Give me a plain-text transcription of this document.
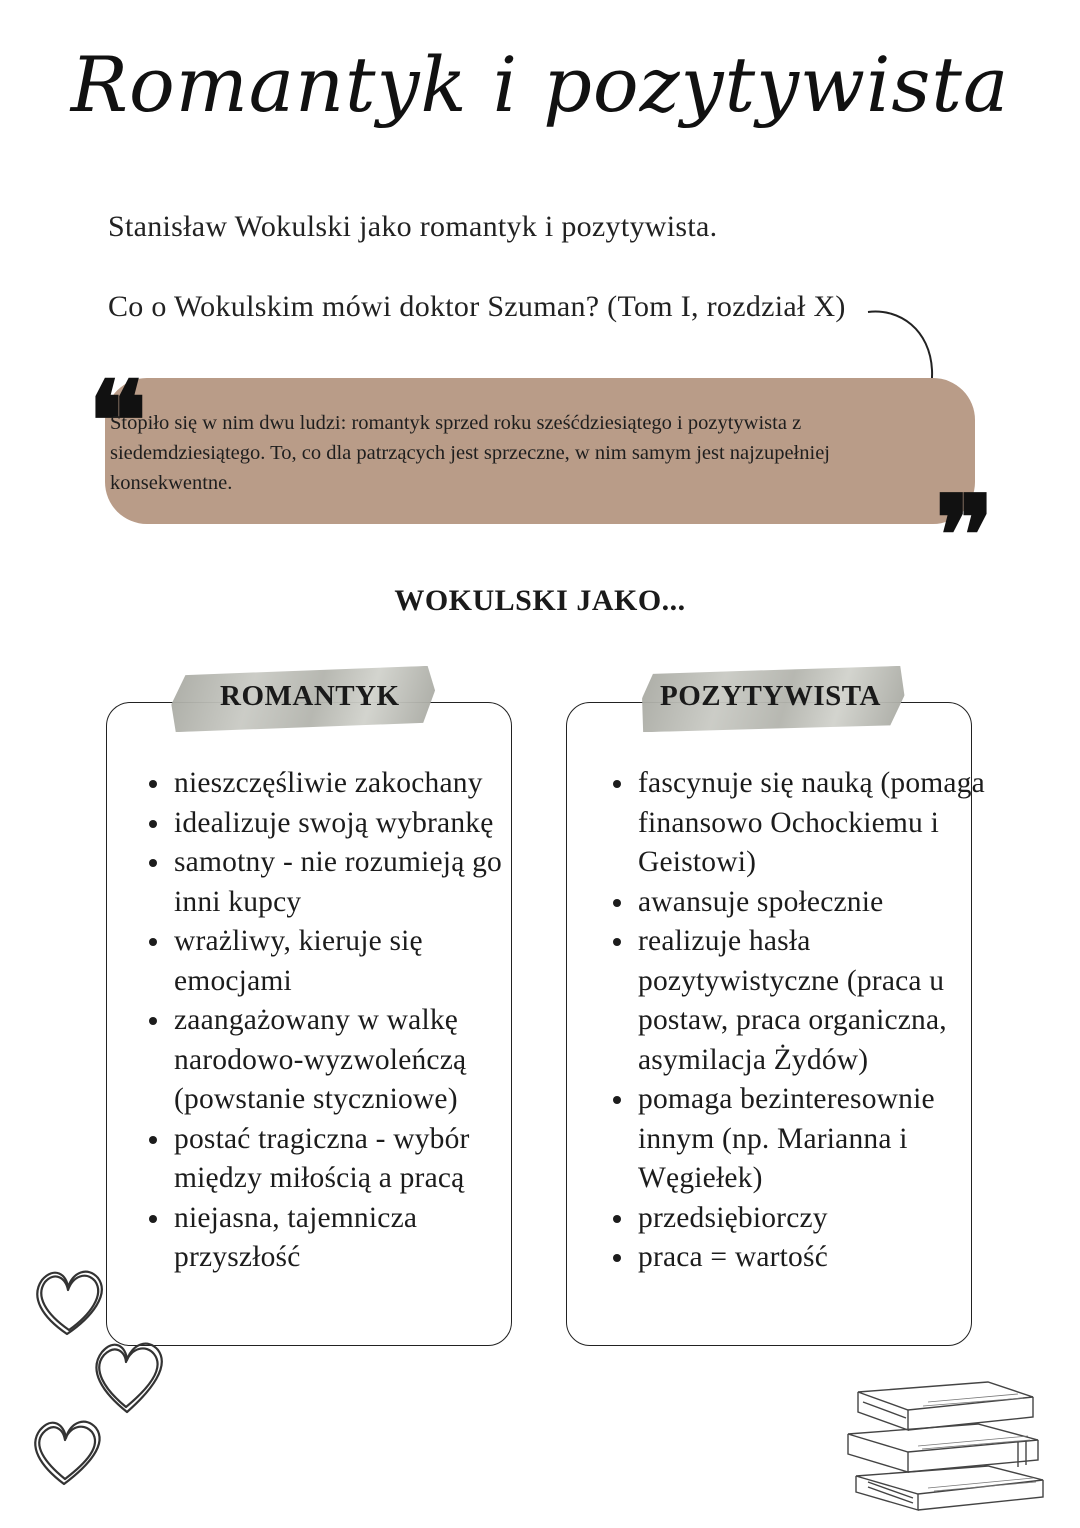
Romantyk i pozytywista
Stanisław Wokulski jako romantyk i pozytywista.
Co o Wokulskim mówi doktor Szuman? (Tom I, rozdział X)
❞
Stopiło się w nim dwu ludzi: romantyk sprzed roku sześćdziesiątego i pozytywista z siedemdziesiątego. To, co dla patrzących jest sprzeczne, w nim samym jest najzupełniej konsekwentne.	❞
WOKULSKI JAKO...
ROMANTYK
• nieszczęśliwie zakochany
• idealizuje swoją wybrankę
• samotny - nie rozumieją go inni kupcy
• wrażliwy, kieruje się emocjami
• zaangażowany w walkę narodowo-wyzwoleńczą (powstanie styczniowe)
• postać tragiczna - wybór między miłością a pracą
• niejasna, tajemnicza przyszłość
POZYTYWISTA
• fascynuje się nauką (pomaga finansowo Ochockiemu i Geistowi)
• awansuje społecznie
• realizuje hasła pozytywistyczne (praca u postaw, praca organiczna, asymilacja Żydów)
• pomaga bezinteresownie innym (np. Marianna i Węgiełek)
• przedsiębiorczy
• praca = wartość
